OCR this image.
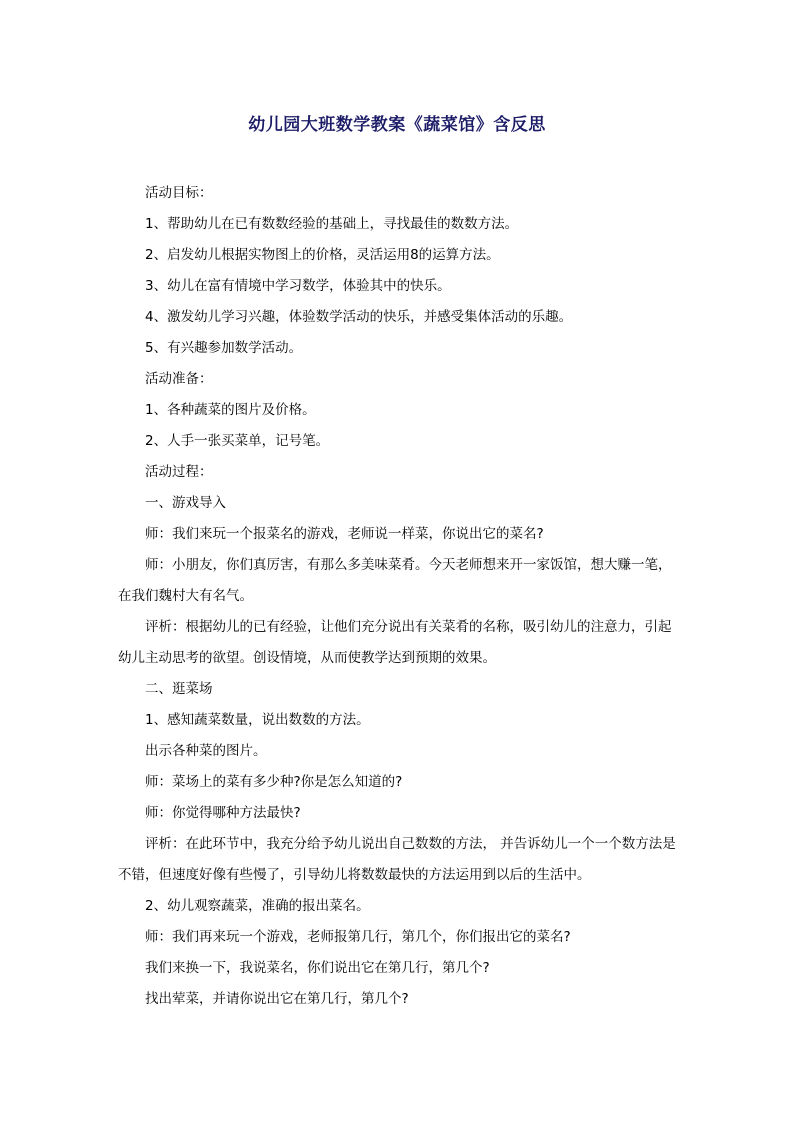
幼儿园大班数学教案《蔬菜馆》含反思

活动目标：

1、帮助幼儿在已有数数经验的基础上，寻找最佳的数数方法。

2、启发幼儿根据实物图上的价格，灵活运用8的运算方法。

3、幼儿在富有情境中学习数学，体验其中的快乐。

4、激发幼儿学习兴趣，体验数学活动的快乐，并感受集体活动的乐趣。

5、有兴趣参加数学活动。

活动准备：

1、各种蔬菜的图片及价格。

2、人手一张买菜单，记号笔。

活动过程：

一、游戏导入

师：我们来玩一个报菜名的游戏，老师说一样菜，你说出它的菜名?

师：小朋友，你们真厉害，有那么多美味菜肴。今天老师想来开一家饭馆，想大赚一笔，在我们魏村大有名气。

评析：根据幼儿的已有经验，让他们充分说出有关菜肴的名称，吸引幼儿的注意力，引起幼儿主动思考的欲望。创设情境，从而使教学达到预期的效果。

二、逛菜场

1、感知蔬菜数量，说出数数的方法。

出示各种菜的图片。

师：菜场上的菜有多少种?你是怎么知道的?

师：你觉得哪种方法最快?

评析：在此环节中，我充分给予幼儿说出自己数数的方法， 并告诉幼儿一个一个数方法是不错，但速度好像有些慢了，引导幼儿将数数最快的方法运用到以后的生活中。

2、幼儿观察蔬菜，准确的报出菜名。

师：我们再来玩一个游戏，老师报第几行，第几个，你们报出它的菜名?

我们来换一下，我说菜名，你们说出它在第几行，第几个?

找出荤菜，并请你说出它在第几行，第几个?
